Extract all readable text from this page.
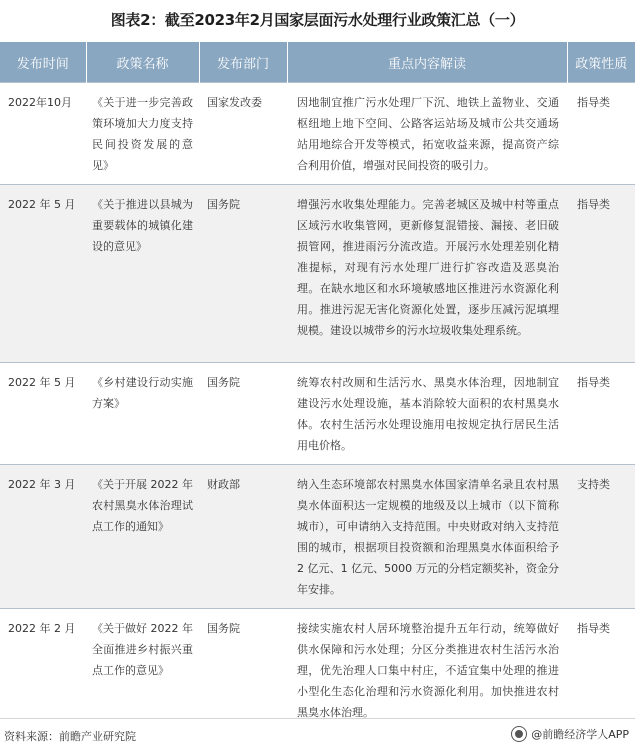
图表2：截至2023年2月国家层面污水处理行业政策汇总（一）
发布时间	政策名称	发布部门	重点内容解读	政策性质
2022年10月	《关于进一步完善政策环境加大力度支持民间投资发展的意见》	国家发改委	因地制宜推广污水处理厂下沉、地铁上盖物业、交通枢纽地上地下空间、公路客运站场及城市公共交通场站用地综合开发等模式，拓宽收益来源，提高资产综合利用价值，增强对民间投资的吸引力。	指导类
2022 年 5 月	《关于推进以县城为重要载体的城镇化建设的意见》	国务院	增强污水收集处理能力。完善老城区及城中村等重点区域污水收集管网，更新修复混错接、漏接、老旧破损管网，推进雨污分流改造。开展污水处理差别化精准提标，对现有污水处理厂进行扩容改造及恶臭治理。在缺水地区和水环境敏感地区推进污水资源化利用。推进污泥无害化资源化处置，逐步压减污泥填埋规模。建设以城带乡的污水垃圾收集处理系统。	指导类
2022 年 5 月	《乡村建设行动实施方案》	国务院	统筹农村改厕和生活污水、黑臭水体治理，因地制宜建设污水处理设施，基本消除较大面积的农村黑臭水体。农村生活污水处理设施用电按规定执行居民生活用电价格。	指导类
2022 年 3 月	《关于开展 2022 年农村黑臭水体治理试点工作的通知》	财政部	纳入生态环境部农村黑臭水体国家清单名录且农村黑臭水体面积达一定规模的地级及以上城市（以下简称城市），可申请纳入支持范围。中央财政对纳入支持范围的城市，根据项目投资额和治理黑臭水体面积给予 2 亿元、1 亿元、5000 万元的分档定额奖补，资金分年安排。	支持类
2022 年 2 月	《关于做好 2022 年全面推进乡村振兴重点工作的意见》	国务院	接续实施农村人居环境整治提升五年行动，统筹做好供水保障和污水处理；分区分类推进农村生活污水治理，优先治理人口集中村庄，不适宜集中处理的推进小型化生态化治理和污水资源化利用。加快推进农村黑臭水体治理。	指导类
资料来源：前瞻产业研究院	@前瞻经济学人APP
